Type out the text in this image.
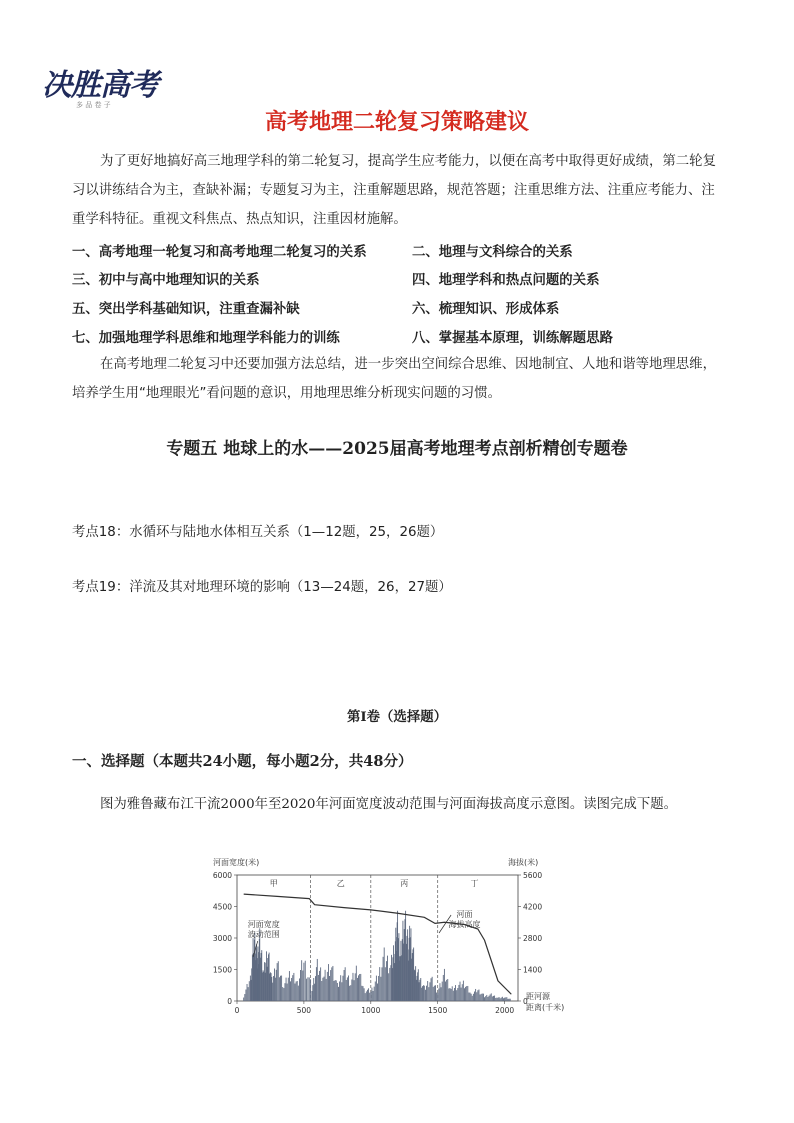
决胜高考
多 品 卷 子
高考地理二轮复习策略建议
为了更好地搞好高三地理学科的第二轮复习，提高学生应考能力，以便在高考中取得更好成绩，第二轮复习以讲练结合为主，查缺补漏；专题复习为主，注重解题思路，规范答题；注重思维方法、注重应考能力、注重学科特征。重视文科焦点、热点知识，注重因材施解。
一、高考地理一轮复习和高考地理二轮复习的关系	二、地理与文科综合的关系
三、初中与高中地理知识的关系	四、地理学科和热点问题的关系
五、突出学科基础知识，注重查漏补缺	六、梳理知识、形成体系
七、加强地理学科思维和地理学科能力的训练	八、掌握基本原理，训练解题思路
在高考地理二轮复习中还要加强方法总结，进一步突出空间综合思维、因地制宜、人地和谐等地理思维，培养学生用“地理眼光”看问题的意识，用地理思维分析现实问题的习惯。
专题五 地球上的水——2025届高考地理考点剖析精创专题卷
考点18：水循环与陆地水体相互关系（1—12题，25，26题）
考点19：洋流及其对地理环境的影响（13—24题，26，27题）
第Ⅰ卷（选择题）
一、选择题（本题共24小题，每小题2分，共48分）
图为雅鲁藏布江干流2000年至2020年河面宽度波动范围与河面海拔高度示意图。读图完成下题。
河面宽度(米)	海拔(米)
距河源
距离(千米)
0	500	1000	1500	2000
0
1500
3000
4500
6000
0
1400
2800
4200
5600
甲	乙	丙	丁
河面宽度
波动范围
河面
海拔高度
